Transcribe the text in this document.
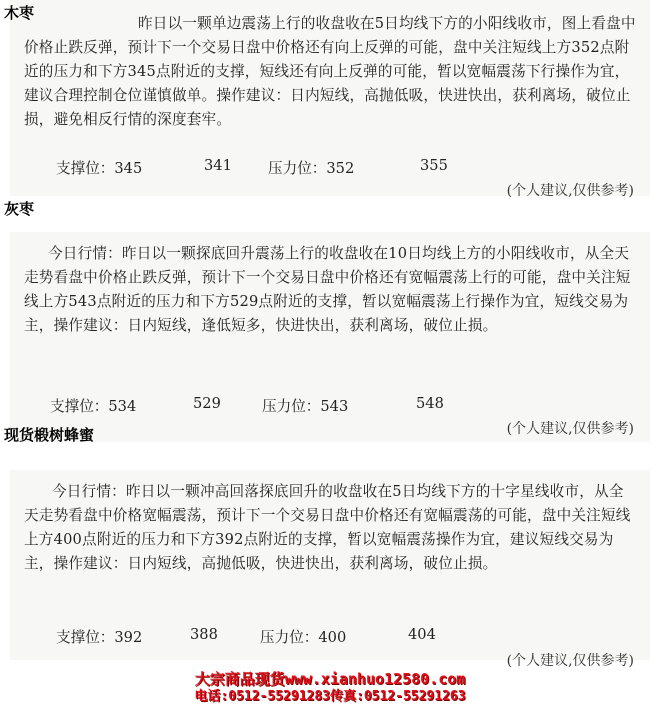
木枣
昨日以一颗单边震荡上行的收盘收在5日均线下方的小阳线收市，图上看盘中价格止跌反弹，预计下一个交易日盘中价格还有向上反弹的可能，盘中关注短线上方352点附近的压力和下方345点附近的支撑，短线还有向上反弹的可能，暂以宽幅震荡下行操作为宜，建议合理控制仓位谨慎做单。操作建议：日内短线，高抛低吸，快进快出，获利离场，破位止损，避免相反行情的深度套牢。
支撑位：345	341 压力位：352	355
(个人建议,仅供参考)
灰枣
今日行情：昨日以一颗探底回升震荡上行的收盘收在10日均线上方的小阳线收市，从全天走势看盘中价格止跌反弹，预计下一个交易日盘中价格还有宽幅震荡上行的可能，盘中关注短线上方543点附近的压力和下方529点附近的支撑，暂以宽幅震荡上行操作为宜，短线交易为主，操作建议：日内短线，逢低短多，快进快出，获利离场，破位止损。
支撑位：534	529	压力位：543	548
(个人建议,仅供参考)
现货椴树蜂蜜
今日行情：昨日以一颗冲高回落探底回升的收盘收在5日均线下方的十字星线收市，从全天走势看盘中价格宽幅震荡，预计下一个交易日盘中价格还有宽幅震荡的可能，盘中关注短线上方400点附近的压力和下方392点附近的支撑，暂以宽幅震荡操作为宜，建议短线交易为主，操作建议：日内短线，高抛低吸，快进快出，获利离场，破位止损。
支撑位：392	388	压力位：400	404
(个人建议,仅供参考)
大宗商品现货www.xianhuo12580.com
电话:0512-55291283传真:0512-55291263
